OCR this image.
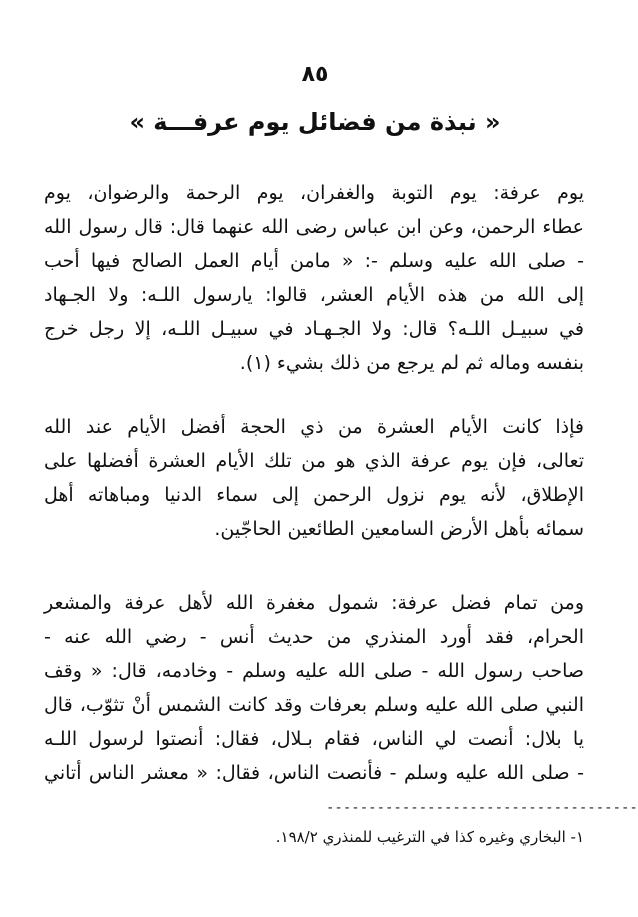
٨٥
« نبذة من فضائل يوم عرفـــة »
يوم عرفة: يوم التوبة والغفران، يوم الرحمة والرضوان، يوم
عطاء الرحمن، وعن ابن عباس رضى الله عنهما قال: قال رسول الله
- صلى الله عليه وسلم -: « مامن أيام العمل الصالح فيها أحب
إلى الله من هذه الأيام العشر، قالوا: يارسول اللـه: ولا الجـهاد
في سبيـل اللـه؟ قال: ولا الجـهـاد في سبيـل اللـه، إلا رجل خرج
بنفسه وماله ثم لم يرجع من ذلك بشيء (١).
فإذا كانت الأيام العشرة من ذي الحجة أفضل الأيام عند الله
تعالى، فإن يوم عرفة الذي هو من تلك الأيام العشرة أفضلها على
الإطلاق، لأنه يوم نزول الرحمن إلى سماء الدنيا ومباهاته أهل
سمائه بأهل الأرض السامعين الطائعين الحاجّين.
ومن تمام فضل عرفة: شمول مغفرة الله لأهل عرفة والمشعر
الحرام، فقد أورد المنذري من حديث أنس - رضي الله عنه -
صاحب رسول الله - صلى الله عليه وسلم - وخادمه، قال: « وقف
النبي صلى الله عليه وسلم بعرفات وقد كانت الشمس أنْ تثوّب، قال
يا بلال: أنصت لي الناس، فقام بـلال، فقال: أنصتوا لرسول اللـه
- صلى الله عليه وسلم - فأنصت الناس، فقال: « معشر الناس أتاني
-------------------------------------
١- البخاري وغيره كذا في الترغيب للمنذري ١٩٨/٢.
